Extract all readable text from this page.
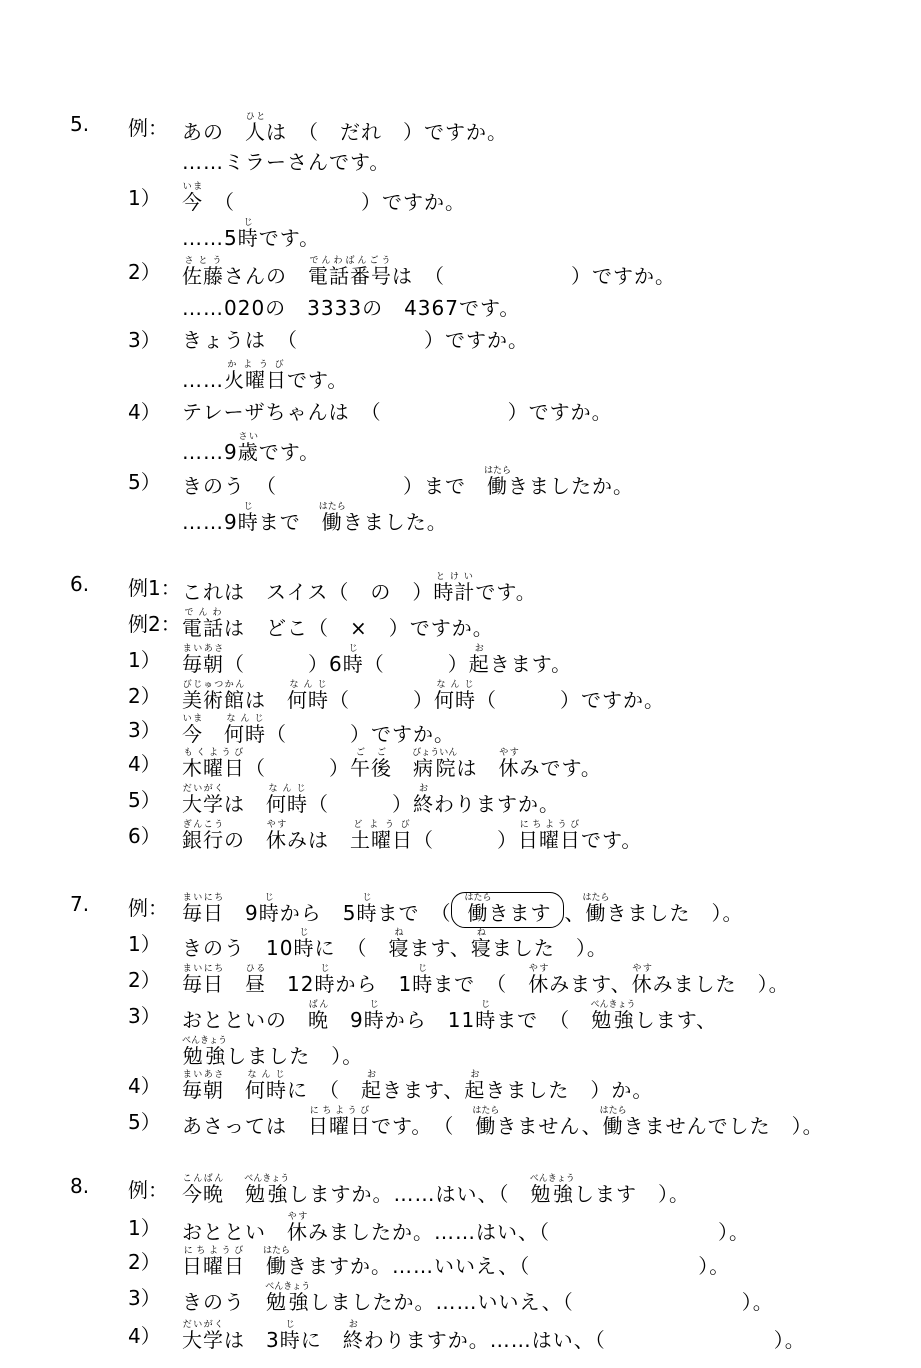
5. 例： あの　人ひとは　（　だれ　）ですか。
……ミラーさんです。
1） 今いま　（　　　　　　）ですか。
……5時じです。
2） 佐藤さとうさんの　電話番号でんわばんごうは　（　　　　　　）ですか。
……020の　3333の　4367です。
3） きょうは　（　　　　　　）ですか。
……火曜日かようびです。
4） テレーザちゃんは　（　　　　　　）ですか。
……9歳さいです。
5） きのう　（　　　　　　）まで　働はたらきましたか。
……9時じまで　働はたらきました。
6. 例1： これは　スイス（　の　）時計とけいです。
例2： 電話でんわは　どこ（　×　）ですか。
1） 毎朝まいあさ（　　　）6時じ（　　　）起おきます。
2） 美術館びじゅつかんは　何時なんじ（　　　）何時なんじ（　　　）ですか。
3） 今いま　何時なんじ（　　　）ですか。
4） 木曜日もくようび（　　　）午後ごご　病院びょういんは　休やすみです。
5） 大学だいがくは　何時なんじ（　　　）終おわりますか。
6） 銀行ぎんこうの　休やすみは　土曜日どようび（　　　）日曜日にちようびです。
7. 例： 毎日まいにち　9時じから　5時じまで　（ 働はたらきます 、働はたらきました　）。
1） きのう　10時じに　（　寝ねます、寝ねました　）。
2） 毎日まいにち　昼ひる　12時じから　1時じまで　（　休やすみます、休やすみました　）。
3） おとといの　晩ばん　9時じから　11時じまで　（　勉強べんきょうします、
勉強べんきょうしました　）。
4） 毎朝まいあさ　何時なんじに　（　起おきます、起おきました　）か。
5） あさっては　日曜日にちようびです。　（　働はたらきません、働はたらきませんでした　）。
8. 例： 今晩こんばん　勉強べんきょうしますか。……はい、（　勉強べんきょうします　）。
1） おととい　休やすみましたか。……はい、（　　　　　　　　）。
2） 日曜日にちようび　働はたらきますか。……いいえ、（　　　　　　　　）。
3） きのう　勉強べんきょうしましたか。……いいえ、（　　　　　　　　）。
4） 大学だいがくは　3時じに　終おわりますか。……はい、（　　　　　　　　）。
